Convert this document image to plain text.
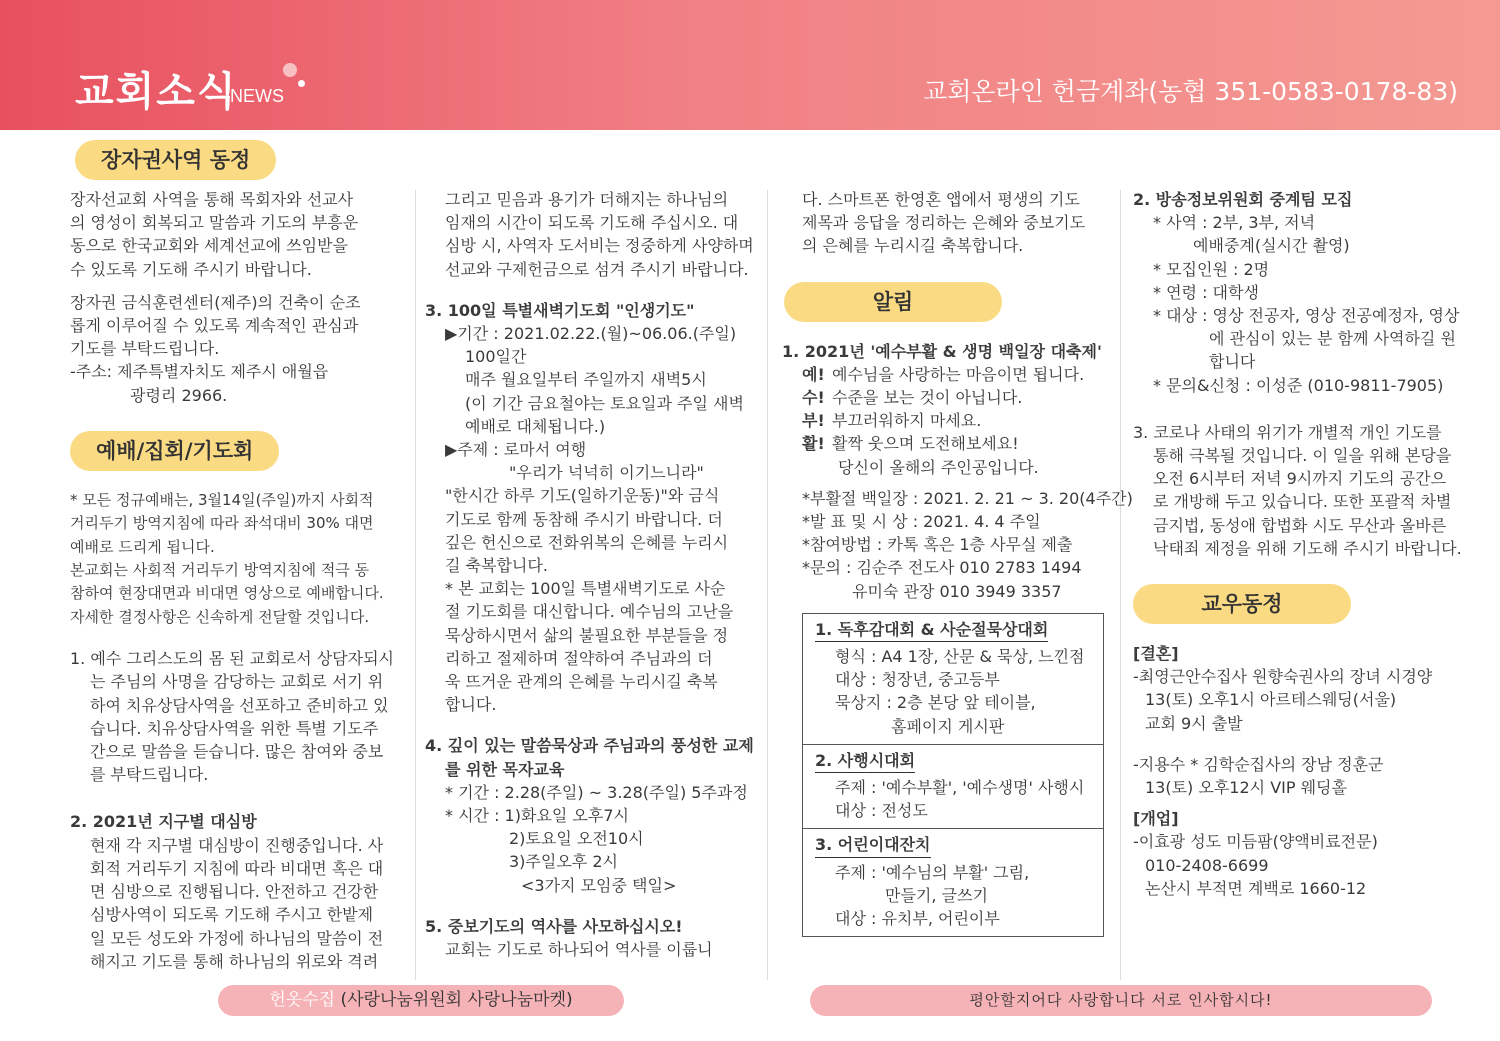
교회소식
NEWS	교회온라인 헌금계좌(농협 351-0583-0178-83)
장자권사역 동정

장자선교회 사역을 통해 목회자와 선교사
의 영성이 회복되고 말씀과 기도의 부흥운
동으로 한국교회와 세계선교에 쓰임받을
수 있도록 기도해 주시기 바랍니다.

장자권 금식훈련센터(제주)의 건축이 순조
롭게 이루어질 수 있도록 계속적인 관심과
기도를 부탁드립니다.
-주소: 제주특별자치도 제주시 애월읍
광령리 2966.

예배/집회/기도회

* 모든 정규예배는, 3월14일(주일)까지 사회적
거리두기 방역지침에 따라 좌석대비 30% 대면
예배로 드리게 됩니다.
본교회는 사회적 거리두기 방역지침에 적극 동
참하여 현장대면과 비대면 영상으로 예배합니다.
자세한 결정사항은 신속하게 전달할 것입니다.

1. 예수 그리스도의 몸 된 교회로서 상담자되시
는 주님의 사명을 감당하는 교회로 서기 위
하여 치유상담사역을 선포하고 준비하고 있
습니다. 치유상담사역을 위한 특별 기도주
간으로 말씀을 듣습니다. 많은 참여와 중보
를 부탁드립니다.

2. 2021년 지구별 대심방
현재 각 지구별 대심방이 진행중입니다. 사
회적 거리두기 지침에 따라 비대면 혹은 대
면 심방으로 진행됩니다. 안전하고 건강한
심방사역이 되도록 기도해 주시고 한밭제
일 모든 성도와 가정에 하나님의 말씀이 전
해지고 기도를 통해 하나님의 위로와 격려

그리고 믿음과 용기가 더해지는 하나님의
임재의 시간이 되도록 기도해 주십시오. 대
심방 시, 사역자 도서비는 정중하게 사양하며
선교와 구제헌금으로 섬겨 주시기 바랍니다.

3. 100일 특별새벽기도회 "인생기도"
▶기간 : 2021.02.22.(월)~06.06.(주일)
100일간
매주 월요일부터 주일까지 새벽5시
(이 기간 금요철야는 토요일과 주일 새벽
예배로 대체됩니다.)
▶주제 : 로마서 여행
"우리가 넉넉히 이기느니라"
"한시간 하루 기도(일하기운동)"와 금식
기도로 함께 동참해 주시기 바랍니다. 더
깊은 헌신으로 전화위복의 은혜를 누리시
길 축복합니다.
* 본 교회는 100일 특별새벽기도로 사순
절 기도회를 대신합니다. 예수님의 고난을
묵상하시면서 삶의 불필요한 부분들을 정
리하고 절제하며 절약하여 주님과의 더
욱 뜨거운 관계의 은혜를 누리시길 축복
합니다.

4. 깊이 있는 말씀묵상과 주님과의 풍성한 교제
를 위한 목자교육
* 기간 : 2.28(주일) ~ 3.28(주일) 5주과정
* 시간 : 1)화요일 오후7시
2)토요일 오전10시
3)주일오후 2시
<3가지 모임중 택일>

5. 중보기도의 역사를 사모하십시오!
교회는 기도로 하나되어 역사를 이룹니

다. 스마트폰 한영혼 앱에서 평생의 기도
제목과 응답을 정리하는 은혜와 중보기도
의 은혜를 누리시길 축복합니다.

알림
1. 2021년 '예수부활 & 생명 백일장 대축제'
예! 예수님을 사랑하는 마음이면 됩니다.
수! 수준을 보는 것이 아닙니다.
부! 부끄러워하지 마세요.
활! 활짝 웃으며 도전해보세요!
당신이 올해의 주인공입니다.
*부활절 백일장 : 2021. 2. 21 ~ 3. 20(4주간)
*발 표 및 시 상 : 2021. 4. 4 주일
*참여방법 : 카톡 혹은 1층 사무실 제출
*문의 : 김순주 전도사 010 2783 1494
유미숙 관장 010 3949 3357
1. 독후감대회 & 사순절묵상대회
형식 : A4 1장, 산문 & 묵상, 느낀점
대상 : 청장년, 중고등부
묵상지 : 2층 본당 앞 테이블,
홈페이지 게시판
2. 사행시대회
주제 : '예수부활', '예수생명' 사행시
대상 : 전성도
3. 어린이대잔치
주제 : '예수님의 부활' 그림,
만들기, 글쓰기
대상 : 유치부, 어린이부

2. 방송정보위원회 중계팀 모집
* 사역 : 2부, 3부, 저녁
예배중계(실시간 촬영)
* 모집인원 : 2명
* 연령 : 대학생
* 대상 : 영상 전공자, 영상 전공예정자, 영상
에 관심이 있는 분 함께 사역하길 원
합니다
* 문의&신청 : 이성준 (010-9811-7905)

3. 코로나 사태의 위기가 개별적 개인 기도를
통해 극복될 것입니다. 이 일을 위해 본당을
오전 6시부터 저녁 9시까지 기도의 공간으
로 개방해 두고 있습니다. 또한 포괄적 차별
금지법, 동성애 합법화 시도 무산과 올바른
낙태죄 제정을 위해 기도해 주시기 바랍니다.

교우동정

[결혼]
-최영근안수집사 원향숙권사의 장녀 시경양
13(토) 오후1시 아르테스웨딩(서울)
교회 9시 출발

-지용수 * 김학순집사의 장남 정훈군
13(토) 오후12시 VIP 웨딩홀

[개업]
-이효광 성도 미듬팜(양액비료전문)
010-2408-6699
논산시 부적면 계백로 1660-12

헌옷수집 (사랑나눔위원회 사랑나눔마켓)	평안할지어다 사랑합니다 서로 인사합시다!
